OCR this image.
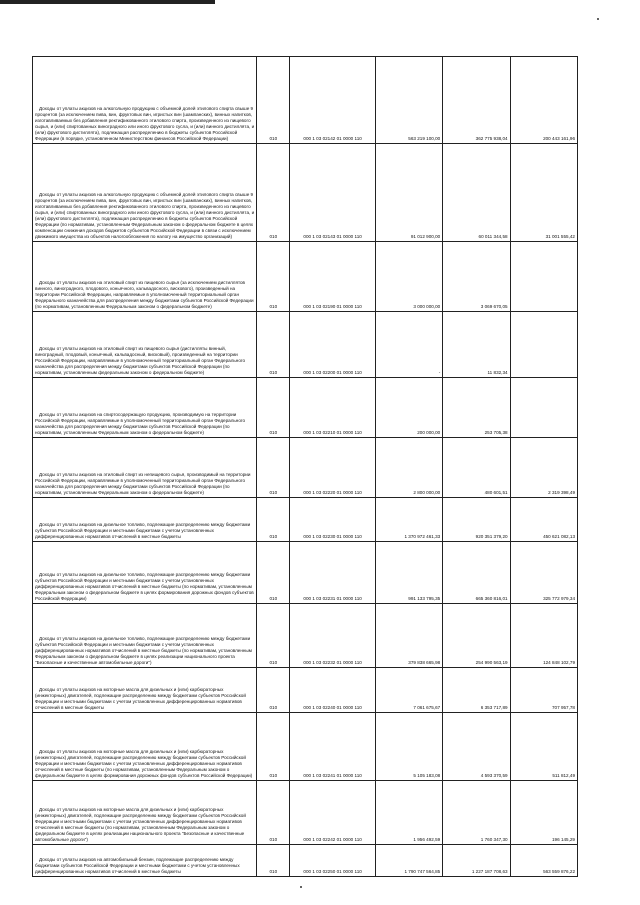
Доходы от уплаты акцизов на алкогольную продукцию с объемной долей этилового спирта свыше 9 процентов (за исключением пива, вин, фруктовых вин, игристых вин (шампанских), винных напитков, изготавливаемых без добавления ректификованного этилового спирта, произведенного из пищевого сырья, и (или) спиртованных виноградного или иного фруктового сусла, и (или) винного дистиллята, и (или) фруктового дистиллята), подлежащая распределению в бюджеты субъектов Российской Федерации (в порядке, установленном Министерством финансов Российской Федерации)	010	000 1 03 02142 01 0000 110	563 219 100,00	362 775 938,04	200 443 161,96

Доходы от уплаты акцизов на алкогольную продукцию с объемной долей этилового спирта свыше 9 процентов (за исключением пива, вин, фруктовых вин, игристых вин (шампанских), винных напитков, изготавливаемых без добавления ректификованного этилового спирта, произведенного из пищевого сырья, и (или) спиртованных виноградного или иного фруктового сусла, и (или) винного дистиллята, и (или) фруктового дистиллята), подлежащая распределению в бюджеты субъектов Российской Федерации (по нормативам, установленным Федеральным законом о федеральном бюджете в целях компенсации снижения доходов бюджетов субъектов Российской Федерации в связи с исключением движимого имущества из объектов налогообложения по налогу на имущество организаций)	010	000 1 03 02143 01 0000 110	91 012 900,00	60 011 344,58	31 001 555,42

Доходы от уплаты акцизов на этиловый спирт из пищевого сырья (за исключением дистиллятов винного, виноградного, плодового, коньячного, кальвадосного, вискового), произведенный на территории Российской Федерации, направляемые в уполномоченный территориальный орган Федерального казначейства для распределения между бюджетами субъектов Российской Федерации (по нормативам, установленным Федеральным законом о федеральном бюджете)	010	000 1 03 02190 01 0000 110	3 000 000,00	3 069 670,05	

Доходы от уплаты акцизов на этиловый спирт из пищевого сырья (дистилляты винный, виноградный, плодовый, коньячный, кальвадосный, висковый), произведенный на территории Российской Федерации, направляемые в уполномоченный территориальный орган Федерального казначейства для распределения между бюджетами субъектов Российской Федерации (по нормативам, установленным федеральным законом о федеральном бюджете)	010	000 1 03 02200 01 0000 110	-	11 832,34	

Доходы от уплаты акцизов на спиртосодержащую продукцию, производимую на территории Российской Федерации, направляемые в уполномоченный территориальный орган Федерального казначейства для распределения между бюджетами субъектов Российской Федерации (по нормативам, установленным Федеральным законом о федеральном бюджете)	010	000 1 03 02210 01 0000 110	200 000,00	253 705,38	

Доходы от уплаты акцизов на этиловый спирт из непищевого сырья, производимый на территории Российской Федерации, направляемые в уполномоченный территориальный орган Федерального казначейства для распределения между бюджетами субъектов Российской Федерации (по нормативам, установленным Федеральным законом о федеральном бюджете)	010	000 1 03 02220 01 0000 110	2 800 000,00	480 601,51	2 319 398,49

Доходы от уплаты акцизов на дизельное топливо, подлежащие распределению между бюджетами субъектов Российской Федерации и местными бюджетами с учетом установленных дифференцированных нормативов отчислений в местные бюджеты	010	000 1 03 02230 01 0000 110	1 370 972 461,33	920 351 379,20	450 621 082,13

Доходы от уплаты акцизов на дизельное топливо, подлежащие распределению между бюджетами субъектов Российской Федерации и местными бюджетами с учетом установленных дифференцированных нормативов отчислений в местные бюджеты (по нормативам, установленным Федеральным законом о федеральном бюджете в целях формирования дорожных фондов субъектов Российской Федерации)	010	000 1 03 02231 01 0000 110	991 133 795,35	665 360 816,01	325 772 979,34

Доходы от уплаты акцизов на дизельное топливо, подлежащие распределению между бюджетами субъектов Российской Федерации и местными бюджетами с учетом установленных дифференцированных нормативов отчислений в местные бюджеты (по нормативам, установленным Федеральным законом о федеральном бюджете в целях реализации национального проекта "Безопасные и качественные автомобильные дороги")	010	000 1 03 02232 01 0000 110	379 838 665,98	254 990 563,19	124 848 102,79

Доходы от уплаты акцизов на моторные масла для дизельных и (или) карбюраторных (инжекторных) двигателей, подлежащие распределению между бюджетами субъектов Российской Федерации и местными бюджетами с учетом установленных дифференцированных нормативов отчислений в местные бюджеты	010	000 1 03 02240 01 0000 110	7 061 675,67	6 353 717,89	707 957,78

Доходы от уплаты акцизов на моторные масла для дизельных и (или) карбюраторных (инжекторных) двигателей, подлежащие распределению между бюджетами субъектов Российской Федерации и местными бюджетами с учетом установленных дифференцированных нормативов отчислений в местные бюджеты (по нормативам, установленным Федеральным законом о федеральном бюджете в целях формирования дорожных фондов субъектов Российской Федерации)	010	000 1 03 02241 01 0000 110	5 105 183,08	4 593 370,59	511 812,49

Доходы от уплаты акцизов на моторные масла для дизельных и (или) карбюраторных (инжекторных) двигателей, подлежащие распределению между бюджетами субъектов Российской Федерации и местными бюджетами с учетом установленных дифференцированных нормативов отчислений в местные бюджеты (по нормативам, установленным Федеральным законом о федеральном бюджете в целях реализации национального проекта "Безопасные и качественные автомобильные дороги")	010	000 1 03 02242 01 0000 110	1 956 492,59	1 760 347,30	196 145,29

Доходы от уплаты акцизов на автомобильный бензин, подлежащие распределению между бюджетами субъектов Российской Федерации и местными бюджетами с учетом установленных дифференцированных нормативов отчислений в местные бюджеты	010	000 1 03 02250 01 0000 110	1 790 747 564,85	1 227 187 708,63	563 559 876,22
